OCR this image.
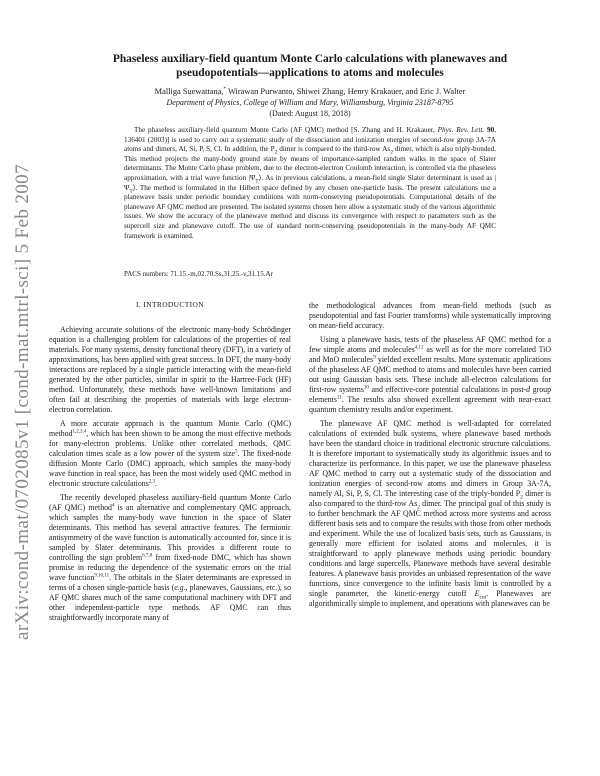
arXiv:cond-mat/0702085v1 [cond-mat.mtrl-sci] 5 Feb 2007
Phaseless auxiliary-field quantum Monte Carlo calculations with planewaves and
pseudopotentials—applications to atoms and molecules
Malliga Suewattana,* Wirawan Purwanto, Shiwei Zhang, Henry Krakauer, and Eric J. Walter
Department of Physics, College of William and Mary, Williamsburg, Virginia 23187-8795
(Dated: August 18, 2018)

The phaseless auxiliary-field quantum Monte Carlo (AF QMC) method [S. Zhang and H. Krakauer, Phys. Rev. Lett. 90, 136401 (2003)] is used to carry out a systematic study of the dissociation and ionization energies of second-row group 3A-7A atoms and dimers, Al, Si, P, S, Cl. In addition, the $P_2$ dimer is compared to the third-row $As_2$ dimer, which is also triply-bonded. This method projects the many-body ground state by means of importance-sampled random walks in the space of Slater determinants. The Monte Carlo phase problem, due to the electron-electron Coulomb interaction, is controlled via the phaseless approximation, with a trial wave function $|\Psi_T⟩$. As in previous calculations, a mean-field single Slater determinant is used as $|\Psi_T⟩$. The method is formulated in the Hilbert space defined by any chosen one-particle basis. The present calculations use a planewave basis under periodic boundary conditions with norm-conserving pseudopotentials. Computational details of the planewave AF QMC method are presented. The isolated systems chosen here allow a systematic study of the various algorithmic issues. We show the accuracy of the planewave method and discuss its convergence with respect to parameters such as the supercell size and planewave cutoff. The use of standard norm-conserving pseudopotentials in the many-body AF QMC framework is examined.

PACS numbers: 71.15.-m,02.70.Ss,31.25.-v,31.15.Ar
I. INTRODUCTION

Achieving accurate solutions of the electronic many-body Schrödinger equation is a challenging problem for calculations of the properties of real materials. For many systems, density functional theory (DFT), in a variety of approximations, has been applied with great success. In DFT, the many-body interactions are replaced by a single particle interacting with the mean-field generated by the other particles, similar in spirit to the Hartree-Fock (HF) method. Unfortunately, these methods have well-known limitations and often fail at describing the properties of materials with large electron-electron correlation.

A more accurate approach is the quantum Monte Carlo (QMC) method$^{1,2,3,4}$, which has been shown to be among the most effective methods for many-electron problems. Unlike other correlated methods, QMC calculation times scale as a low power of the system size$^5$. The fixed-node diffusion Monte Carlo (DMC) approach, which samples the many-body wave function in real space, has been the most widely used QMC method in electronic structure calculations$^{2,3}$.

The recently developed phaseless auxiliary-field quantum Monte Carlo (AF QMC) method$^4$ is an alternative and complementary QMC approach, which samples the many-body wave function in the space of Slater determinants. This method has several attractive features. The fermionic antisymmetry of the wave function is automatically accounted for, since it is sampled by Slater determinants. This provides a different route to controlling the sign problem$^{6,7,8}$ from fixed-node DMC, which has shown promise in reducing the dependence of the systematic errors on the trial wave function$^{9,10,11}$. The orbitals in the Slater determinants are expressed in terms of a chosen single-particle basis (e.g., planewaves, Gaussians, etc.), so AF QMC shares much of the same computational machinery with DFT and other independent-particle type methods. AF QMC can thus straightforwardly incorporate many of

the methodological advances from mean-field methods (such as pseudopotential and fast Fourier transforms) while systematically improving on mean-field accuracy.

Using a planewave basis, tests of the phaseless AF QMC method for a few simple atoms and molecules$^{4,12}$ as well as for the more correlated TiO and MnO molecules$^9$ yielded excellent results. More systematic applications of the phaseless AF QMC method to atoms and molecules have been carried out using Gaussian basis sets. These include all-electron calculations for first-row systems$^{10}$ and effective-core potential calculations in post-d group elements$^{11}$. The results also showed excellent agreement with near-exact quantum chemistry results and/or experiment.

The planewave AF QMC method is well-adapted for correlated calculations of extended bulk systems, where planewave based methods have been the standard choice in traditional electronic structure calculations. It is therefore important to systematically study its algorithmic issues and to characterize its performance. In this paper, we use the planewave phaseless AF QMC method to carry out a systematic study of the dissociation and ionization energies of second-row atoms and dimers in Group 3A-7A, namely Al, Si, P, S, Cl. The interesting case of the triply-bonded $P_2$ dimer is also compared to the third-row $As_2$ dimer. The principal goal of this study is to further benchmark the AF QMC method across more systems and across different basis sets and to compare the results with those from other methods and experiment. While the use of localized basis sets, such as Gaussians, is generally more efficient for isolated atoms and molecules, it is straightforward to apply planewave methods using periodic boundary conditions and large supercells. Planewave methods have several desirable features. A planewave basis provides an unbiased representation of the wave functions, since convergence to the infinite basis limit is controlled by a single parameter, the kinetic-energy cutoff $E_{cut}$. Planewaves are algorithmically simple to implement, and operations with planewaves can be
